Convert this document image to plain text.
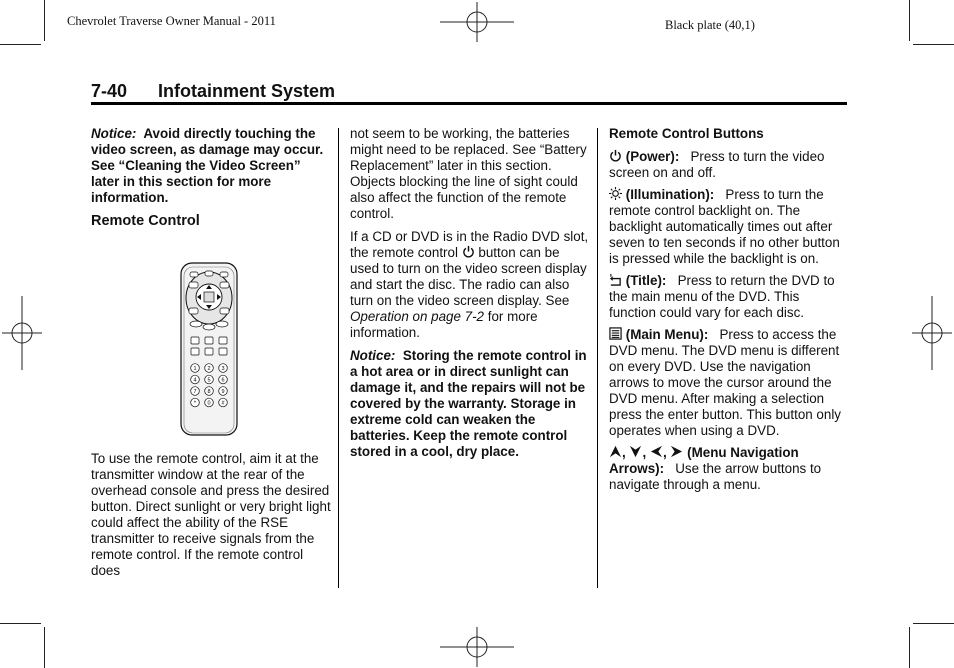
Chevrolet Traverse Owner Manual - 2011	Black plate (40,1)
7-40 Infotainment System

Notice: Avoid directly touching the video screen, as damage may occur. See “Cleaning the Video Screen” later in this section for more information.

Remote Control

1 2 3
4 5 6
7 8 9
* 0 #

To use the remote control, aim it at the transmitter window at the rear of the overhead console and press the desired button. Direct sunlight or very bright light could affect the ability of the RSE transmitter to receive signals from the remote control. If the remote control does

not seem to be working, the batteries might need to be replaced. See “Battery Replacement” later in this section. Objects blocking the line of sight could also affect the function of the remote control.

If a CD or DVD is in the Radio DVD slot, the remote control button can be used to turn on the video screen display and start the disc. The radio can also turn on the video screen display. See Operation on page 7-2 for more information.

Notice: Storing the remote control in a hot area or in direct sunlight can damage it, and the repairs will not be covered by the warranty. Storage in extreme cold can weaken the batteries. Keep the remote control stored in a cool, dry place.

Remote Control Buttons

(Power): Press to turn the video screen on and off.

(Illumination): Press to turn the remote control backlight on. The backlight automatically times out after seven to ten seconds if no other button is pressed while the backlight is on.

(Title): Press to return the DVD to the main menu of the DVD. This function could vary for each disc.

(Main Menu): Press to access the DVD menu. The DVD menu is different on every DVD. Use the navigation arrows to move the cursor around the DVD menu. After making a selection press the enter button. This button only operates when using a DVD.

, , , (Menu Navigation Arrows): Use the arrow buttons to navigate through a menu.
